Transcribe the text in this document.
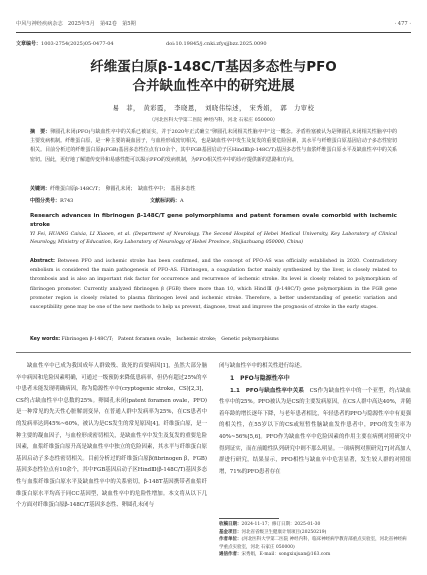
中风与神经疾病杂志　2025年5月　第42卷　第5期	· 477 ·
文章编号：1003-2754(2025)05-0477-04	doi:10.19845/j.cnki.zfysjjbzz.2025.0090
纤维蛋白原β-148C/T基因多态性与PFO
合并缺血性卒中的研究进展
易　菲，　黄彩霞，　李晓恩，　刘晓伟综述，　宋秀娟，　郭　力审校
（河北医科大学第二医院 神经内科，河北 石家庄 050000）
摘　要：卵圆孔未闭(PFO)与缺血性卒中的关系已被证实，并于2020年正式确立“卵圆孔未闭相关性脑卒中”这一概念。矛盾栓塞被认为是卵圆孔未闭相关性脑卒中的主要发病机制。纤维蛋白原，是一种主要的凝血因子，与血栓形成密切相关，也是缺血性卒中发生及复发的重要危险因素，其水平与纤维蛋白原基因启动子多态性密切相关。目前分析过的纤维蛋白原β(FGB)基因多态性位点有10余个，其中FGB基因启动子区HindⅢ(β-148C/T)基因多态性与血浆纤维蛋白原水平及缺血性卒中的关系密切。因此，更好地了解遗传变异和易感性能可以揭示PFO的发病机制，为PFO相关性卒中的诊疗提供新的思路和方向。
关键词：纤维蛋白原β-148C/T；　卵圆孔未闭；　缺血性卒中；　基因多态性
中图分类号：R743	文献标识码：A
Research advances in fibrinogen β-148C/T gene polymorphisms and patent foramen ovale comorbid with ischemic stroke
YI Fei, HUANG Caixia, LI Xiaoen, et al. (Department of Neurology, The Second Hospital of Hebei Medical University, Key Laboratory of Clinical Neurology, Ministry of Education, Key Laboratory of Neurology of Hebei Province, Shijiazhuang 050000, China)
Abstract: Between PFO and ischemic stroke has been confirmed, and the concept of PFO-AS was officially established in 2020. Contradictory embolism is considered the main pathogenesis of PFO-AS. Fibrinogen, a coagulation factor mainly synthesized by the liver, is closely related to thrombosis and is also an important risk factor for occurrence and recurrence of ischemic stroke. Its level is closely related to polymorphism of fibrinogen promoter. Currently analyzed fibrinogen β (FGB) there more than 10, which HindⅢ (β-148C/T) gene polymorphism in the FGB gene promoter region is closely related to plasma fibrinogen level and ischemic stroke. Therefore, a better understanding of genetic variation and susceptibility gene may be one of the new methods to help us prevent, diagnose, treat and improve the prognosis of stroke in the early stages.
Key words: Fibrinogen β-148C/T;　Patent foramen ovale;　Ischemic stroke;　Genetic polymorphisms
缺血性卒中已成为我国成年人群致残、致死的首要病因[1]，虽然大部分脑卒中病因和危险因素明确，可通过一级预防来降低患病率，但仍有超过25%的卒中患者未能发现明确病因，称为隐源性卒中(cryptogenic stroke，CS)[2,3]，CS约占缺血性卒中总数的25%。卵圆孔未闭(patent foramen ovale，PFO)是一种常见的先天性心脏解剖变异，在普通人群中发病率为25%，在CS患者中的发病率达到45%~60%，被认为是CS发生的常见原因[4]。纤维蛋白原，是一种主要的凝血因子，与血栓形成密切相关，是缺血性卒中发生及复发的重要危险因素，血浆纤维蛋白原升高是缺血性卒中独立的危险因素，其水平与纤维蛋白原基因启动子多态性密切相关。目前分析过的纤维蛋白原β(fibrinogen β，FGB)基因多态性位点有10余个，其中FGB基因启动子区HindⅢ(β-148C/T)基因多态性与血浆纤维蛋白原水平及缺血性卒中的关系密切，β-148T基因携带者血浆纤维蛋白原水平均高于同CC基因型，缺血性卒中的危险性增加。本文将从以下几个方面对纤维蛋白原β-148C/T基因多态性、卵圆孔未闭与

闭与缺血性卒中的相关性进行综述。

1　PFO与隐源性卒中

1.1　PFO与缺血性卒中关系　 CS作为缺血性卒中的一个亚型，约占缺血性卒中的25%。PFO被认为是CS的主要发病原因，在CS人群中高达40%，并随着年龄的增长逐年下降，与老年患者相比，年轻患者的PFO与隐源性卒中有更强的相关性，在55岁以下的CS或短暂性脑缺血发作患者中，PFO的发生率为40%~56%[5,6]。PFO作为缺血性卒中危险因素的作用主要在病例对照研究中得到证实，而在前瞻性队列研究中则不那么明显。一项病例对照研究[7]对高加人群进行研究，结果显示，PFO相性与缺血卒中危害显著，发生较人群的对照组增，71%的PFO患者存在

收稿日期：2024-11-17；修订日期：2025-01-30
基金项目：河北省省级卫生健康计划项目(20250219)
作者单位：(河北医科大学第二医院 神经内科，临床神经病学教育部重点实验室，河北省神经病学重点实验室，河北 石家庄 050000)
通信作者：宋秀娟，E-mail：songxiujuan@163.com
